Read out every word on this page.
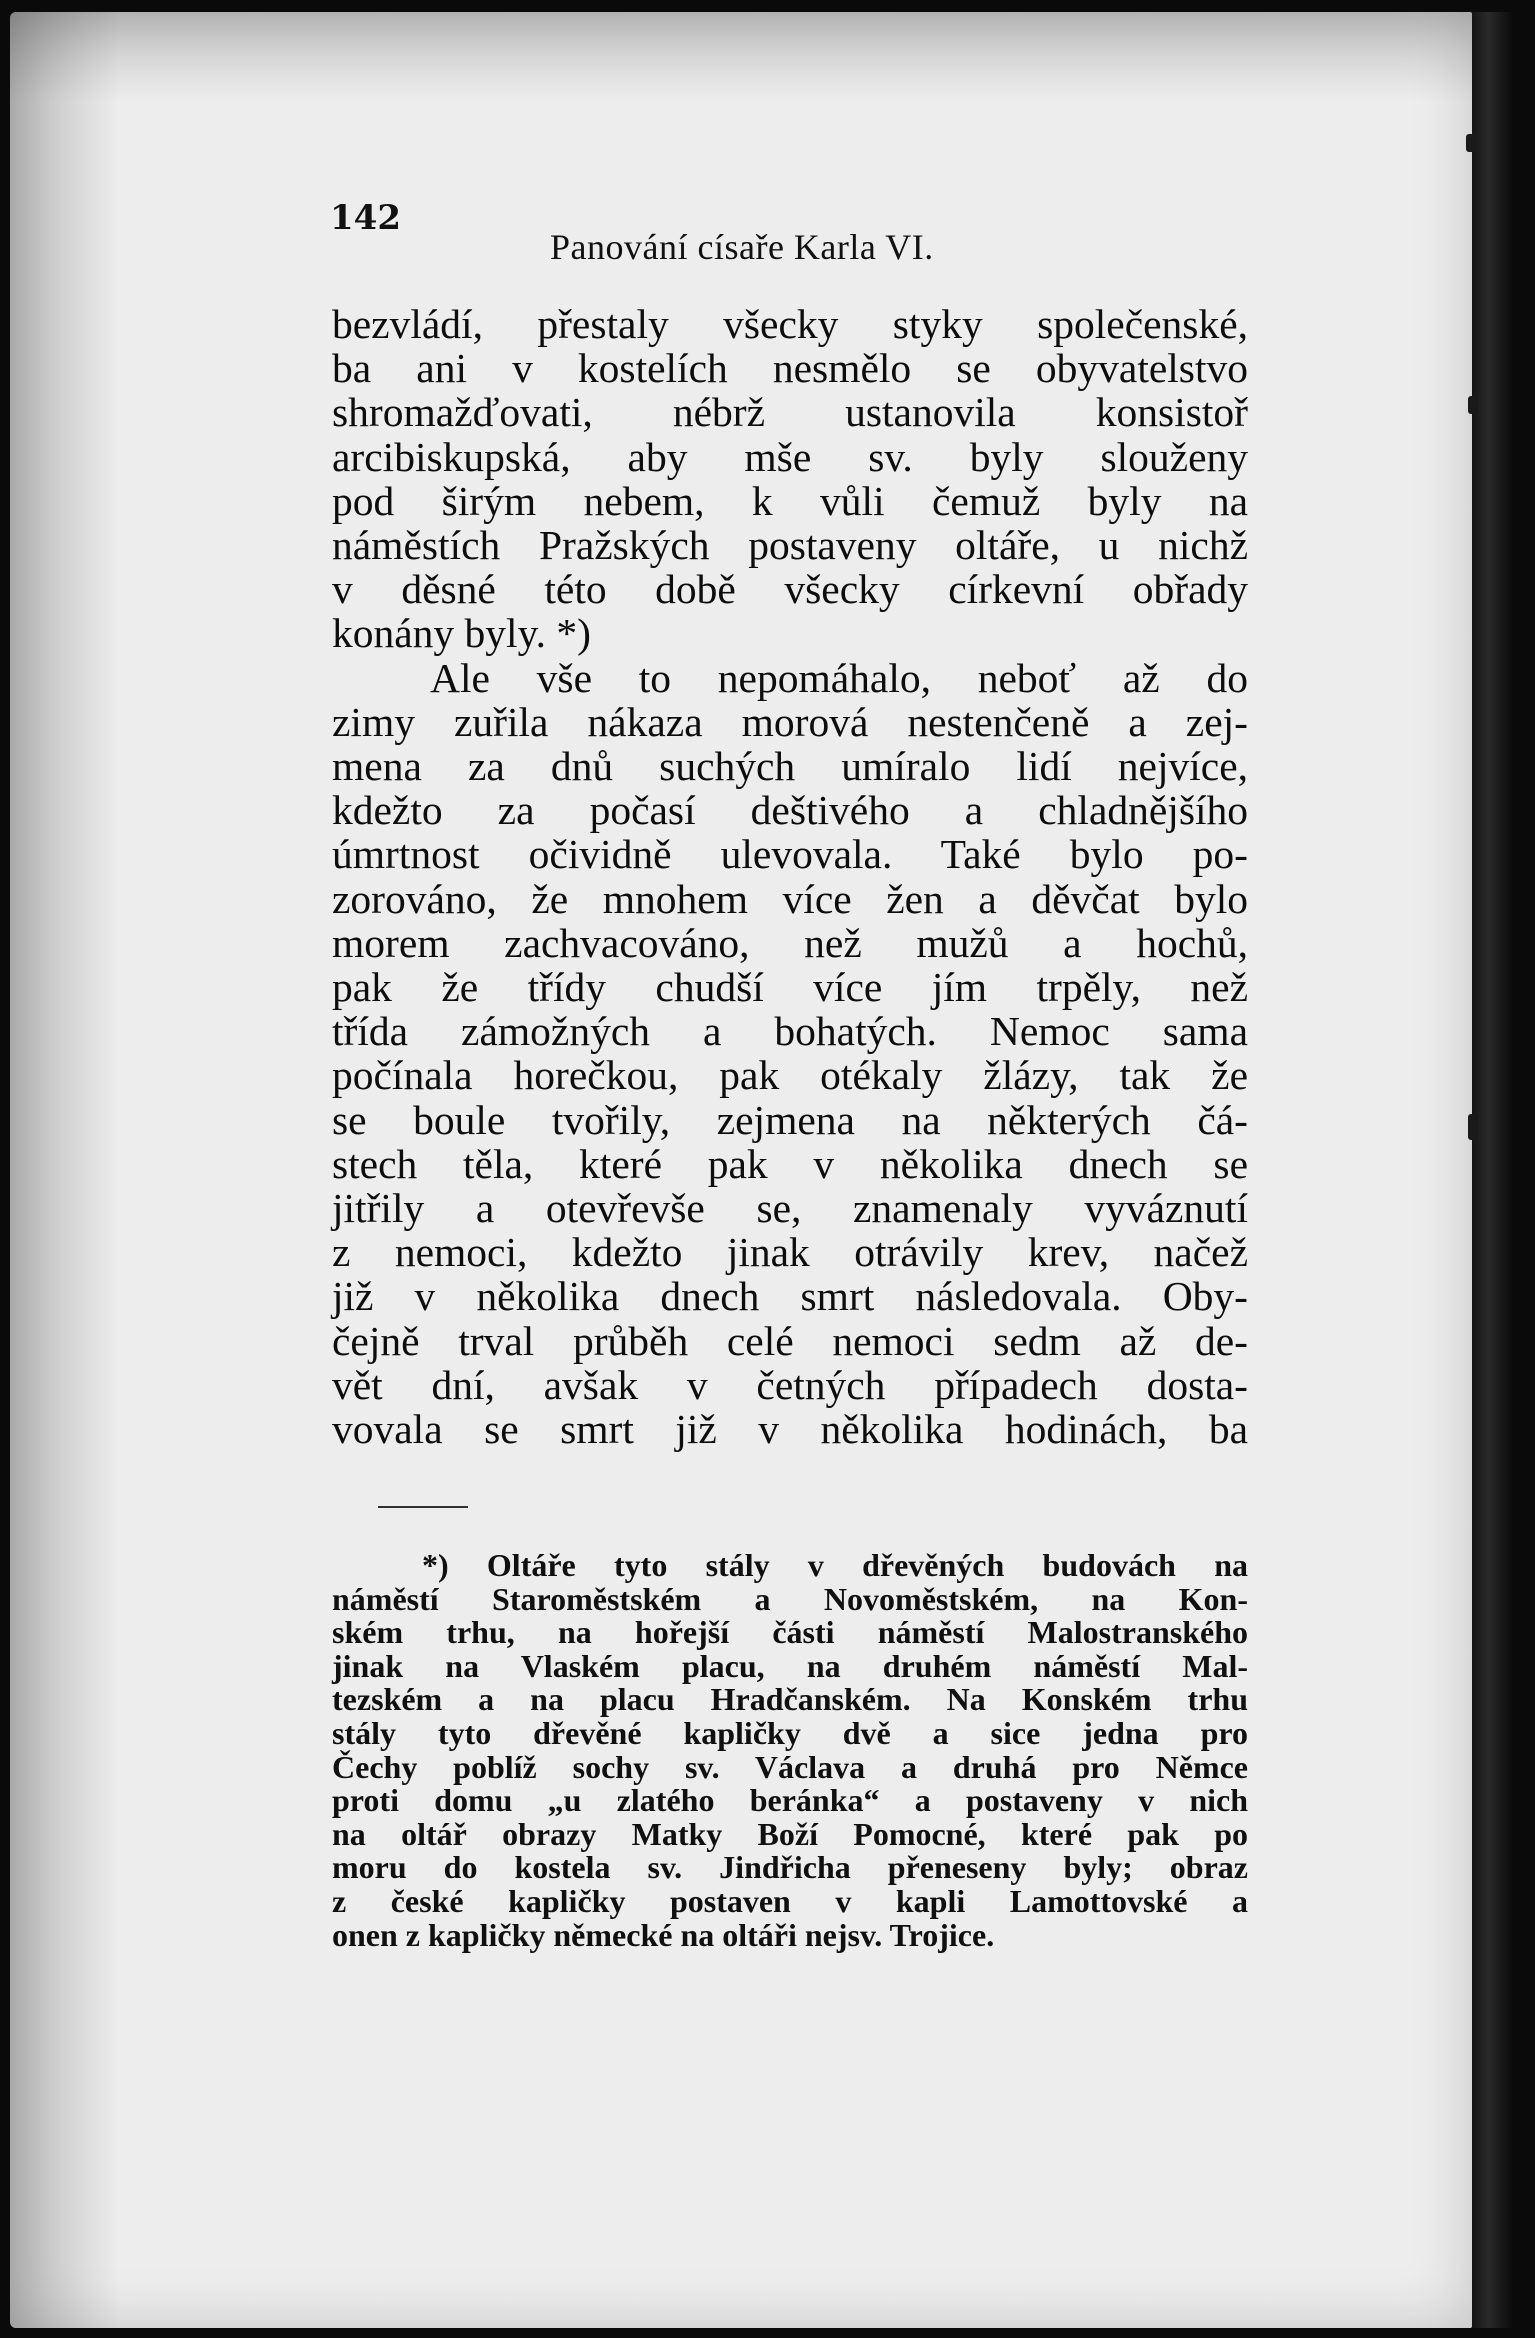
142
Panování císaře Karla VI.
bezvládí, přestaly všecky styky společenské,
ba ani v kostelích nesmělo se obyvatelstvo
shromažďovati, nébrž ustanovila konsistoř
arcibiskupská, aby mše sv. byly slouženy
pod širým nebem, k vůli čemuž byly na
náměstích Pražských postaveny oltáře, u nichž
v děsné této době všecky církevní obřady
konány byly. *)
Ale vše to nepomáhalo, neboť až do
zimy zuřila nákaza morová nestenčeně a zej-
mena za dnů suchých umíralo lidí nejvíce,
kdežto za počasí deštivého a chladnějšího
úmrtnost očividně ulevovala. Také bylo po-
zorováno, že mnohem více žen a děvčat bylo
morem zachvacováno, než mužů a hochů,
pak že třídy chudší více jím trpěly, než
třída zámožných a bohatých. Nemoc sama
počínala horečkou, pak otékaly žlázy, tak že
se boule tvořily, zejmena na některých čá-
stech těla, které pak v několika dnech se
jitřily a otevřevše se, znamenaly vyváznutí
z nemoci, kdežto jinak otrávily krev, načež
již v několika dnech smrt následovala. Oby-
čejně trval průběh celé nemoci sedm až de-
vět dní, avšak v četných případech dosta-
vovala se smrt již v několika hodinách, ba
*) Oltáře tyto stály v dřevěných budovách na
náměstí Staroměstském a Novoměstském, na Kon-
ském trhu, na hořejší části náměstí Malostranského
jinak na Vlaském placu, na druhém náměstí Mal-
tezském a na placu Hradčanském. Na Konském trhu
stály tyto dřevěné kapličky dvě a sice jedna pro
Čechy poblíž sochy sv. Václava a druhá pro Němce
proti domu „u zlatého beránka“ a postaveny v nich
na oltář obrazy Matky Boží Pomocné, které pak po
moru do kostela sv. Jindřicha přeneseny byly; obraz
z české kapličky postaven v kapli Lamottovské a
onen z kapličky německé na oltáři nejsv. Trojice.
